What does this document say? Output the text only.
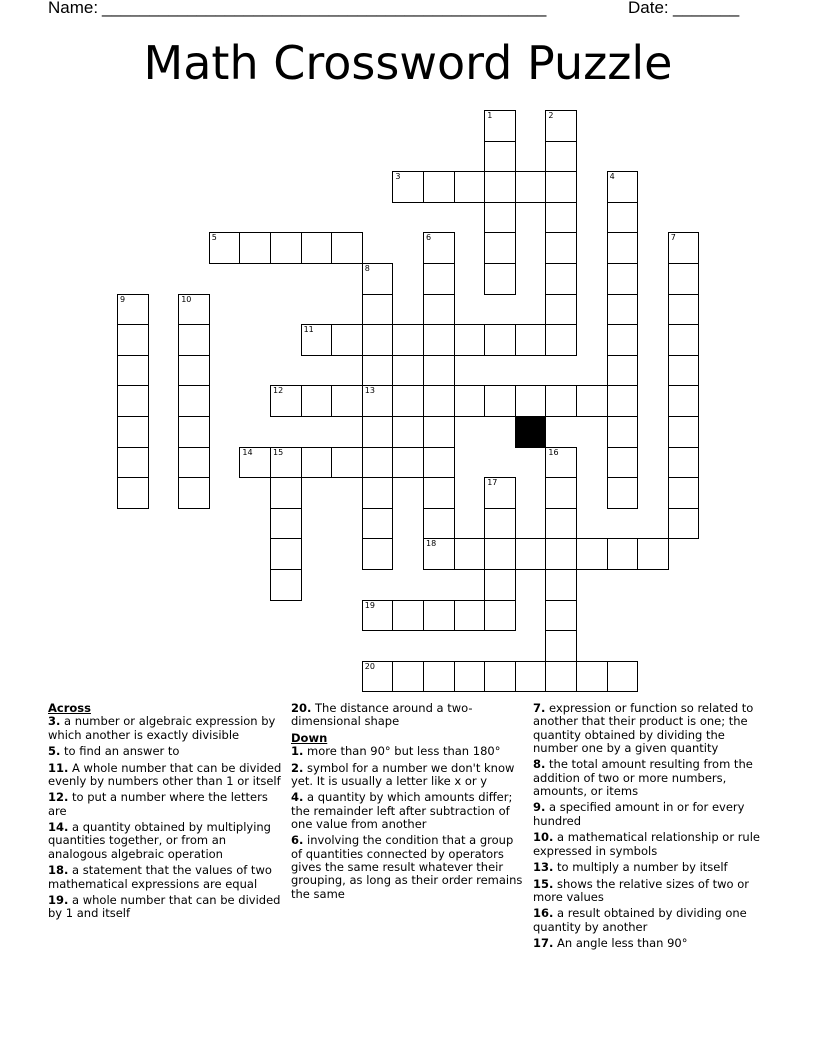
Name: _______________________________________________	Date: _______
Math Crossword Puzzle
1	2
3	4
5	6
18
7
8
13
9	10
11
12
14	15	16
17
19
20

Across

3. a number or algebraic expression by which another is exactly divisible

5. to find an answer to

11. A whole number that can be divided evenly by numbers other than 1 or itself

12. to put a number where the letters are

14. a quantity obtained by multiplying quantities together, or from an analogous algebraic operation

18. a statement that the values of two mathematical expressions are equal

19. a whole number that can be divided by 1 and itself

20. The distance around a two-dimensional shape

Down

1. more than 90° but less than 180°

2. symbol for a number we don't know yet. It is usually a letter like x or y

4. a quantity by which amounts differ; the remainder left after subtraction of one value from another

6. involving the condition that a group of quantities connected by operators gives the same result whatever their grouping, as long as their order remains the same

7. expression or function so related to another that their product is one; the quantity obtained by dividing the number one by a given quantity

8. the total amount resulting from the addition of two or more numbers, amounts, or items

9. a specified amount in or for every hundred

10. a mathematical relationship or rule expressed in symbols

13. to multiply a number by itself

15. shows the relative sizes of two or more values

16. a result obtained by dividing one quantity by another

17. An angle less than 90°
